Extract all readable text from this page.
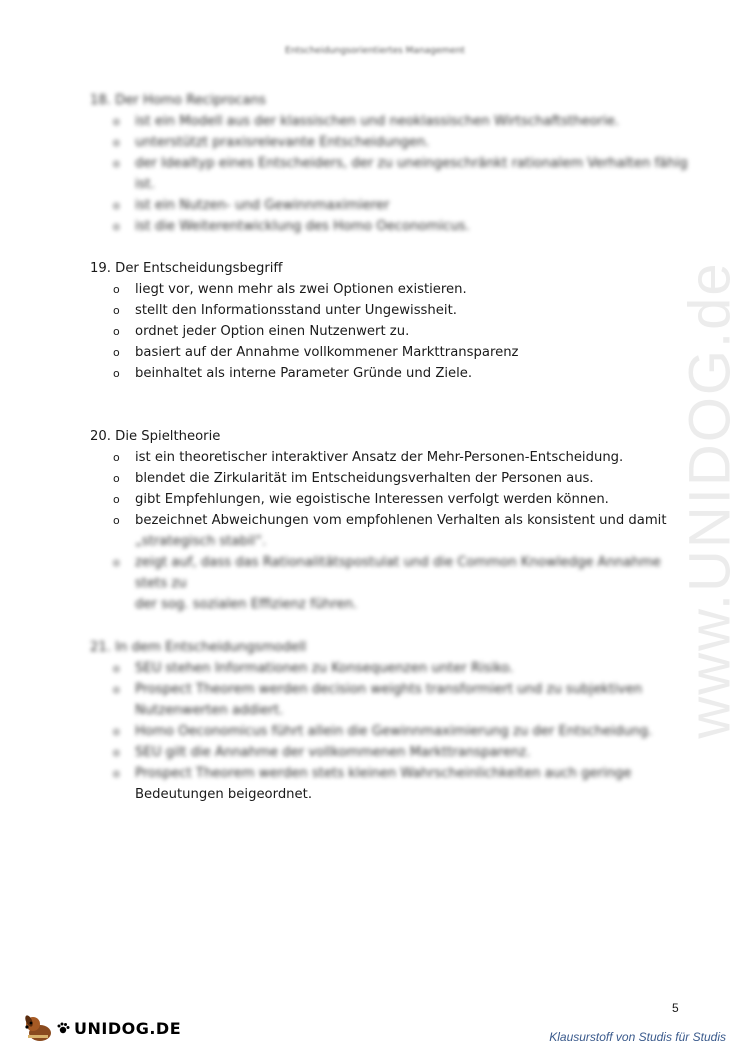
Entscheidungsorientiertes Management
www.UNIDOG.de
18. Der Homo Reciprocans
o	ist ein Modell aus der klassischen und neoklassischen Wirtschaftstheorie.
o	unterstützt praxisrelevante Entscheidungen.
o	der Idealtyp eines Entscheiders, der zu uneingeschränkt rationalem Verhalten fähig ist.
o	ist ein Nutzen- und Gewinnmaximierer
o	ist die Weiterentwicklung des Homo Oeconomicus.
19. Der Entscheidungsbegriff
o	liegt vor, wenn mehr als zwei Optionen existieren.
o	stellt den Informationsstand unter Ungewissheit.
o	ordnet jeder Option einen Nutzenwert zu.
o	basiert auf der Annahme vollkommener Markttransparenz
o	beinhaltet als interne Parameter Gründe und Ziele.
20. Die Spieltheorie
o	ist ein theoretischer interaktiver Ansatz der Mehr-Personen-Entscheidung.
o	blendet die Zirkularität im Entscheidungsverhalten der Personen aus.
o	gibt Empfehlungen, wie egoistische Interessen verfolgt werden können.
o	bezeichnet Abweichungen vom empfohlenen Verhalten als konsistent und damit
„strategisch stabil“.
o	zeigt auf, dass das Rationalitätspostulat und die Common Knowledge Annahme stets zu
der sog. sozialen Effizienz führen.
21. In dem Entscheidungsmodell
o	SEU stehen Informationen zu Konsequenzen unter Risiko.
o	Prospect Theorem werden decision weights transformiert und zu subjektiven
Nutzenwerten addiert.
o	Homo Oeconomicus führt allein die Gewinnmaximierung zu der Entscheidung.
o	SEU gilt die Annahme der vollkommenen Markttransparenz.
o	Prospect Theorem werden stets kleinen Wahrscheinlichkeiten auch geringe
Bedeutungen beigeordnet.
5
UNIDOG.DE	Klausurstoff von Studis für Studis
